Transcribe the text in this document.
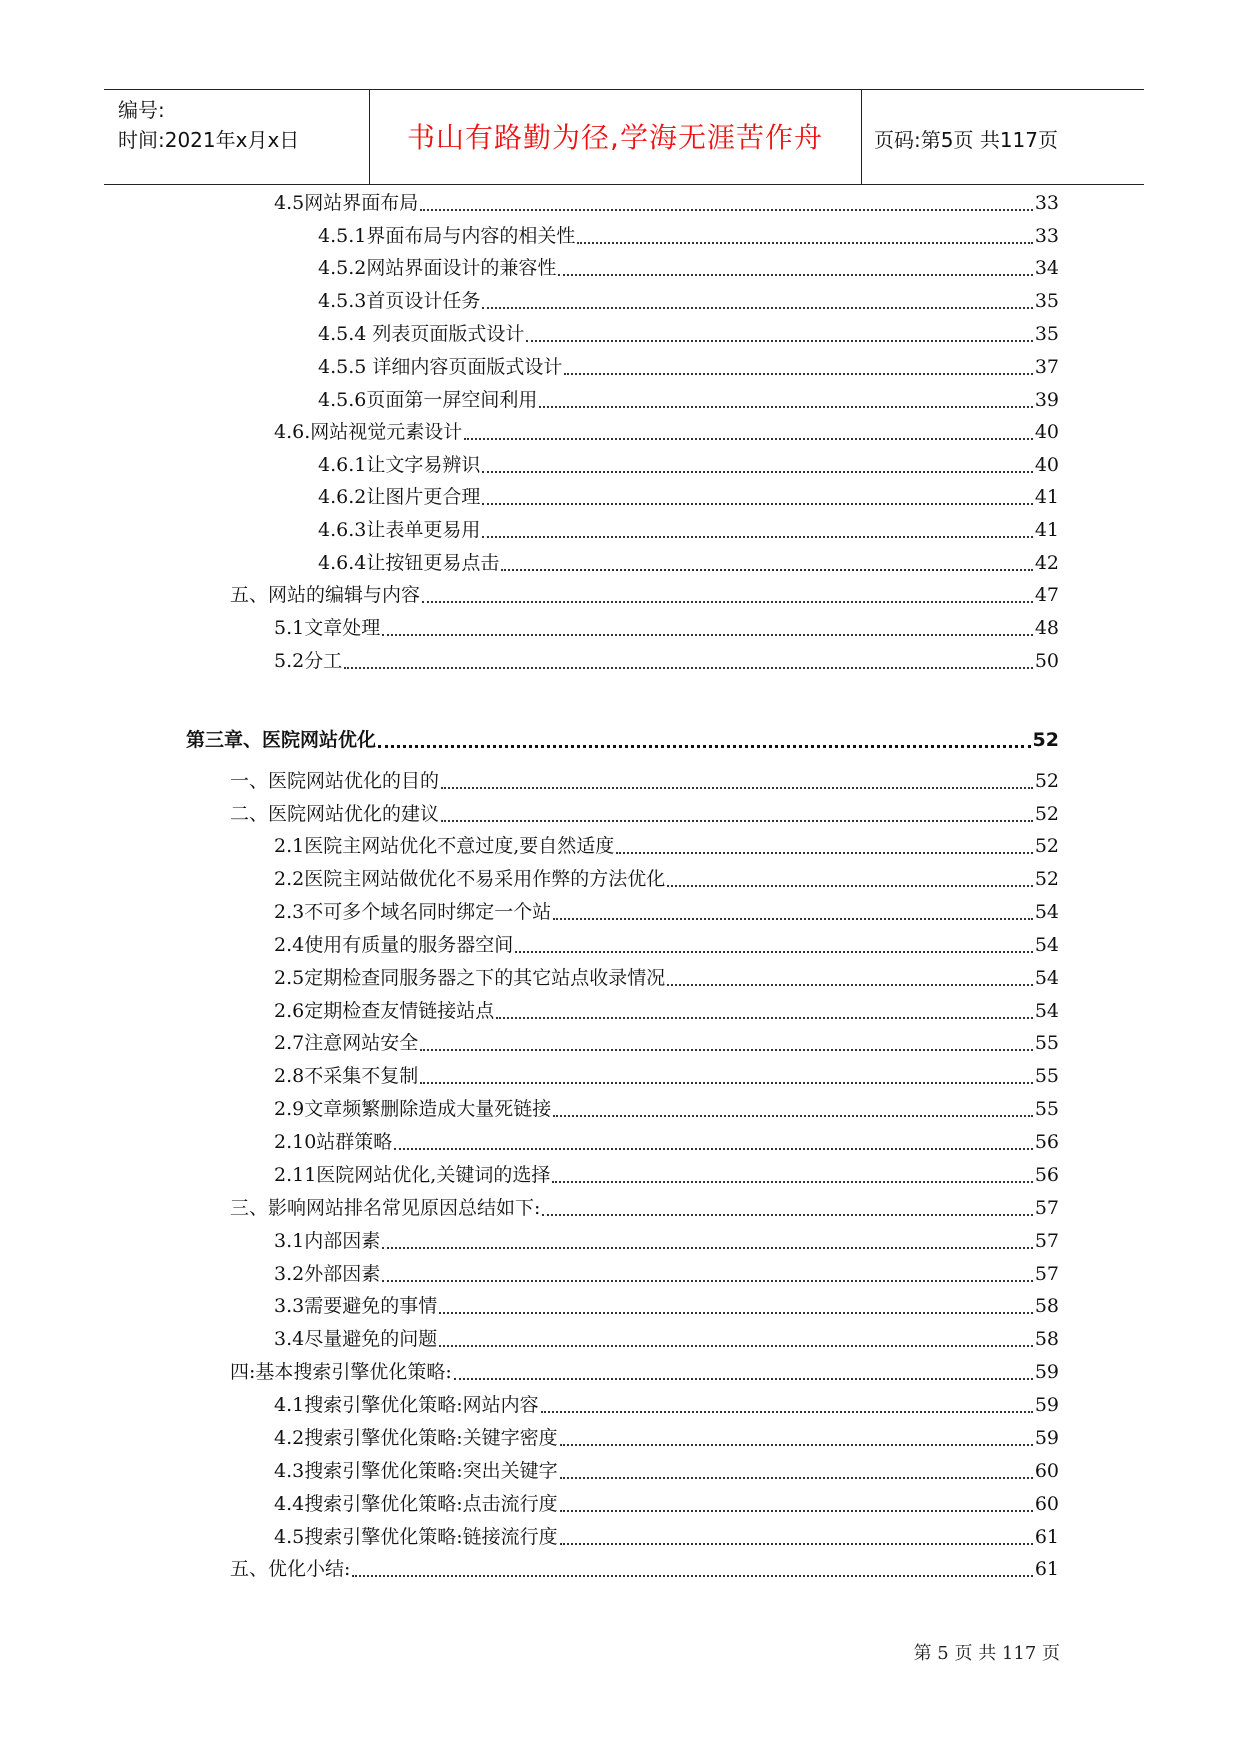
编号:
时间:2021年x月x日	书山有路勤为径,学海无涯苦作舟	页码:第5页 共117页
4.5网站界面布局	33
4.5.1界面布局与内容的相关性	33
4.5.2网站界面设计的兼容性	34
4.5.3首页设计任务	35
4.5.4 列表页面版式设计	35
4.5.5 详细内容页面版式设计	37
4.5.6页面第一屏空间利用	39
4.6.网站视觉元素设计	40
4.6.1让文字易辨识	40
4.6.2让图片更合理	41
4.6.3让表单更易用	41
4.6.4让按钮更易点击	42
五、网站的编辑与内容	47
5.1文章处理	48
5.2分工	50
第三章、医院网站优化	52
一、医院网站优化的目的	52
二、医院网站优化的建议	52
2.1医院主网站优化不意过度,要自然适度	52
2.2医院主网站做优化不易采用作弊的方法优化	52
2.3不可多个域名同时绑定一个站	54
2.4使用有质量的服务器空间	54
2.5定期检查同服务器之下的其它站点收录情况	54
2.6定期检查友情链接站点	54
2.7注意网站安全	55
2.8不采集不复制	55
2.9文章频繁删除造成大量死链接	55
2.10站群策略	56
2.11医院网站优化,关键词的选择	56
三、影响网站排名常见原因总结如下:	57
3.1内部因素	57
3.2外部因素	57
3.3需要避免的事情	58
3.4尽量避免的问题	58
四:基本搜索引擎优化策略:	59
4.1搜索引擎优化策略:网站内容	59
4.2搜索引擎优化策略:关键字密度	59
4.3搜索引擎优化策略:突出关键字	60
4.4搜索引擎优化策略:点击流行度	60
4.5搜索引擎优化策略:链接流行度	61
五、优化小结:	61
第 5 页 共 117 页
